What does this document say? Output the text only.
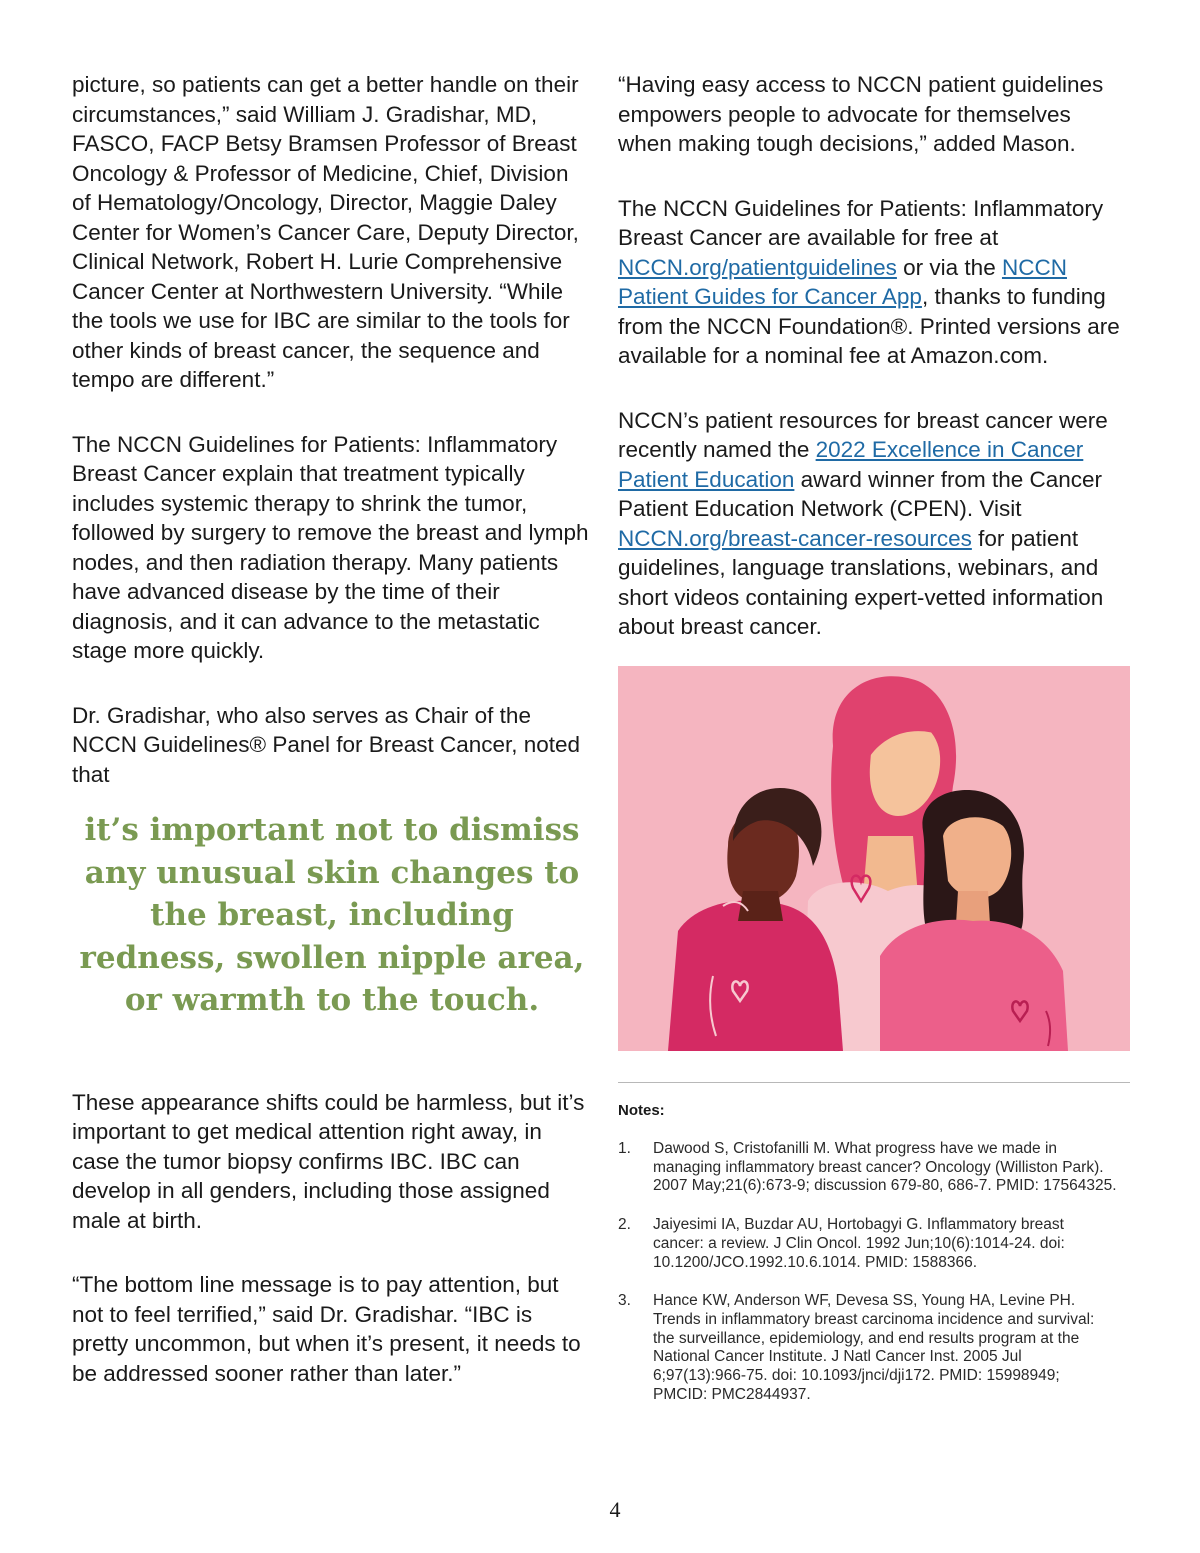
picture, so patients can get a better handle on their circumstances,” said William J. Gradishar, MD, FASCO, FACP Betsy Bramsen Professor of Breast Oncology & Professor of Medicine, Chief, Division of Hematology/Oncology, Director, Maggie Daley Center for Women’s Cancer Care, Deputy Director, Clinical Network, Robert H. Lurie Comprehensive Cancer Center at Northwestern University. “While the tools we use for IBC are similar to the tools for other kinds of breast cancer, the sequence and tempo are different.”

The NCCN Guidelines for Patients: Inflammatory Breast Cancer explain that treatment typically includes systemic therapy to shrink the tumor, followed by surgery to remove the breast and lymph nodes, and then radiation therapy. Many patients have advanced disease by the time of their diagnosis, and it can advance to the metastatic stage more quickly.

Dr. Gradishar, who also serves as Chair of the NCCN Guidelines® Panel for Breast Cancer, noted that

it’s important not to dismiss any unusual skin changes to the breast, including redness, swollen nipple area, or warmth to the touch.

These appearance shifts could be harmless, but it’s important to get medical attention right away, in case the tumor biopsy confirms IBC. IBC can develop in all genders, including those assigned male at birth.

“The bottom line message is to pay attention, but not to feel terrified,” said Dr. Gradishar. “IBC is pretty uncommon, but when it’s present, it needs to be addressed sooner rather than later.”

“Having easy access to NCCN patient guidelines empowers people to advocate for themselves when making tough decisions,” added Mason.

The NCCN Guidelines for Patients: Inflammatory Breast Cancer are available for free at NCCN.org/patientguidelines or via the NCCN Patient Guides for Cancer App, thanks to funding from the NCCN Foundation®. Printed versions are available for a nominal fee at Amazon.com.

NCCN’s patient resources for breast cancer were recently named the 2022 Excellence in Cancer Patient Education award winner from the Cancer Patient Education Network (CPEN). Visit NCCN.org/breast-cancer-resources for patient guidelines, language translations, webinars, and short videos containing expert-vetted information about breast cancer.

Notes:
1. Dawood S, Cristofanilli M. What progress have we made in managing inflammatory breast cancer? Oncology (Williston Park). 2007 May;21(6):673-9; discussion 679-80, 686-7. PMID: 17564325.
2. Jaiyesimi IA, Buzdar AU, Hortobagyi G. Inflammatory breast cancer: a review. J Clin Oncol. 1992 Jun;10(6):1014-24. doi: 10.1200/JCO.1992.10.6.1014. PMID: 1588366.
3. Hance KW, Anderson WF, Devesa SS, Young HA, Levine PH. Trends in inflammatory breast carcinoma incidence and survival: the surveillance, epidemiology, and end results program at the National Cancer Institute. J Natl Cancer Inst. 2005 Jul 6;97(13):966-75. doi: 10.1093/jnci/dji172. PMID: 15998949; PMCID: PMC2844937.
4
